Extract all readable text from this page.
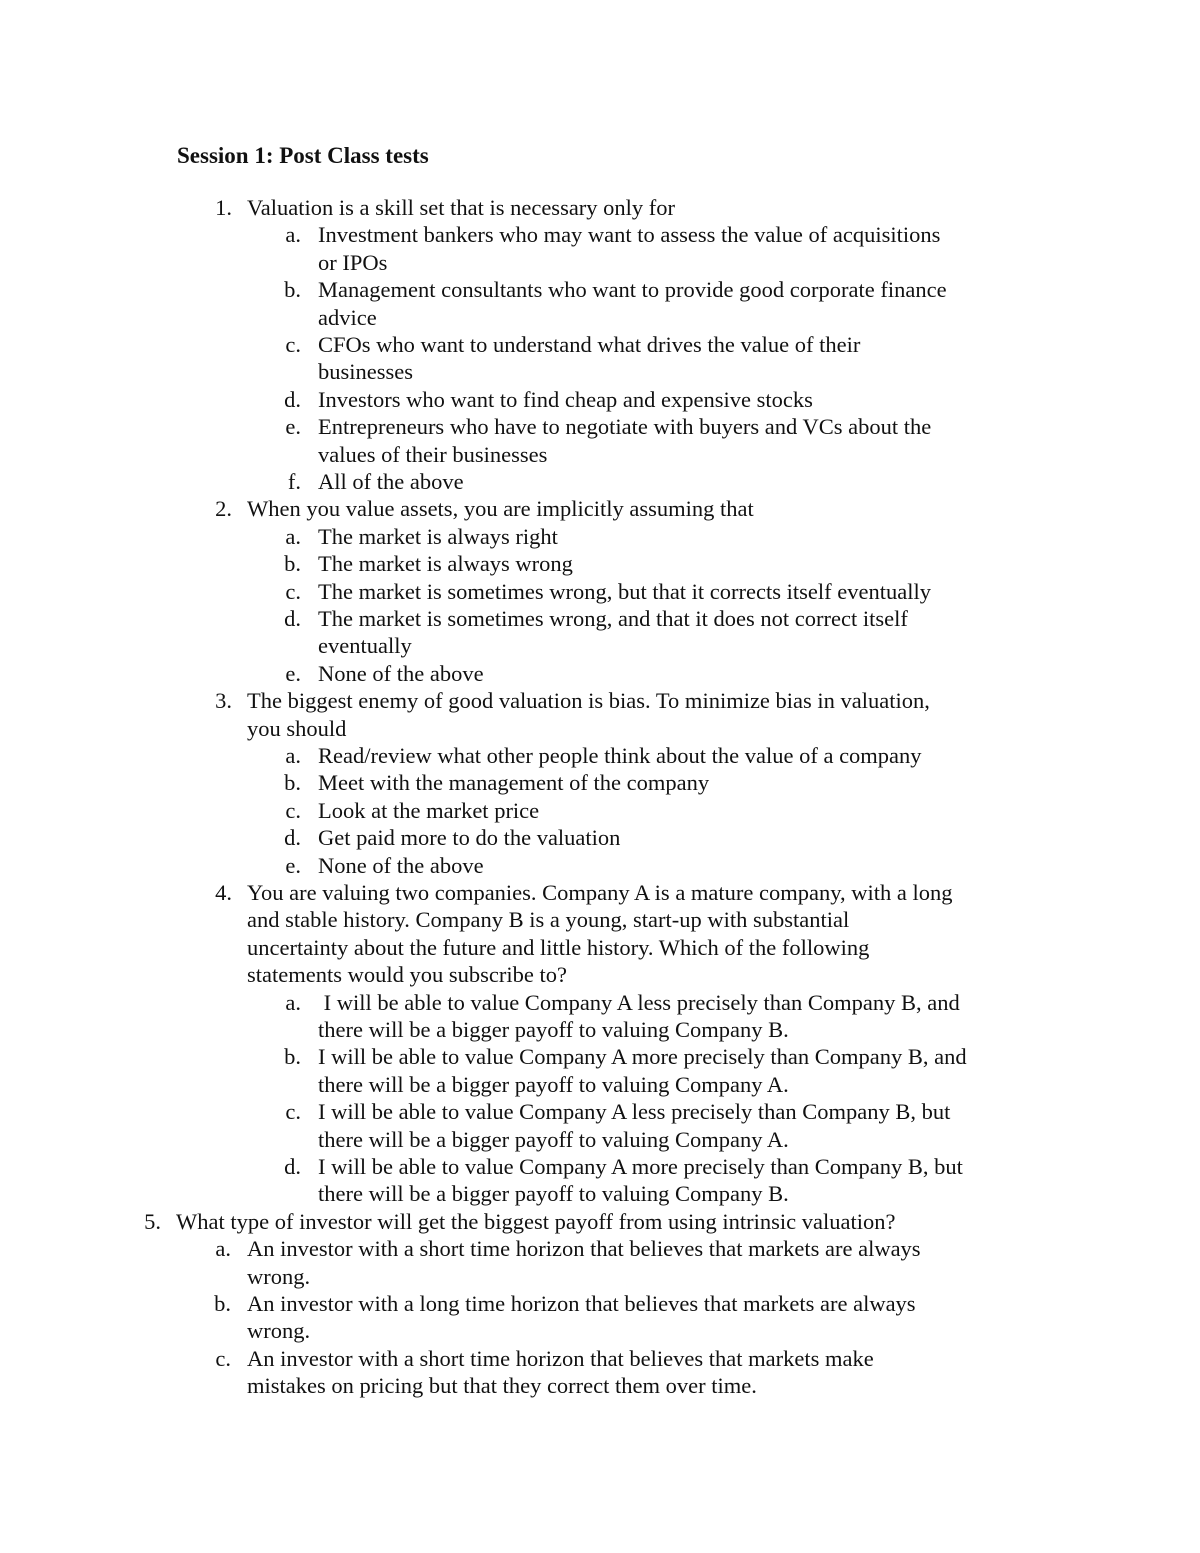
Session 1: Post Class tests
1. Valuation is a skill set that is necessary only for
a. Investment bankers who may want to assess the value of acquisitions
or IPOs
b. Management consultants who want to provide good corporate finance
advice
c. CFOs who want to understand what drives the value of their
businesses
d. Investors who want to find cheap and expensive stocks
e. Entrepreneurs who have to negotiate with buyers and VCs about the
values of their businesses
f. All of the above
2. When you value assets, you are implicitly assuming that
a. The market is always right
b. The market is always wrong
c. The market is sometimes wrong, but that it corrects itself eventually
d. The market is sometimes wrong, and that it does not correct itself
eventually
e. None of the above
3. The biggest enemy of good valuation is bias. To minimize bias in valuation,
you should
a. Read/review what other people think about the value of a company
b. Meet with the management of the company
c. Look at the market price
d. Get paid more to do the valuation
e. None of the above
4. You are valuing two companies. Company A is a mature company, with a long
and stable history. Company B is a young, start-up with substantial
uncertainty about the future and little history. Which of the following
statements would you subscribe to?
a. I will be able to value Company A less precisely than Company B, and
there will be a bigger payoff to valuing Company B.
b. I will be able to value Company A more precisely than Company B, and
there will be a bigger payoff to valuing Company A.
c. I will be able to value Company A less precisely than Company B, but
there will be a bigger payoff to valuing Company A.
d. I will be able to value Company A more precisely than Company B, but
there will be a bigger payoff to valuing Company B.
5. What type of investor will get the biggest payoff from using intrinsic valuation?
a. An investor with a short time horizon that believes that markets are always
wrong.
b. An investor with a long time horizon that believes that markets are always
wrong.
c. An investor with a short time horizon that believes that markets make
mistakes on pricing but that they correct them over time.
